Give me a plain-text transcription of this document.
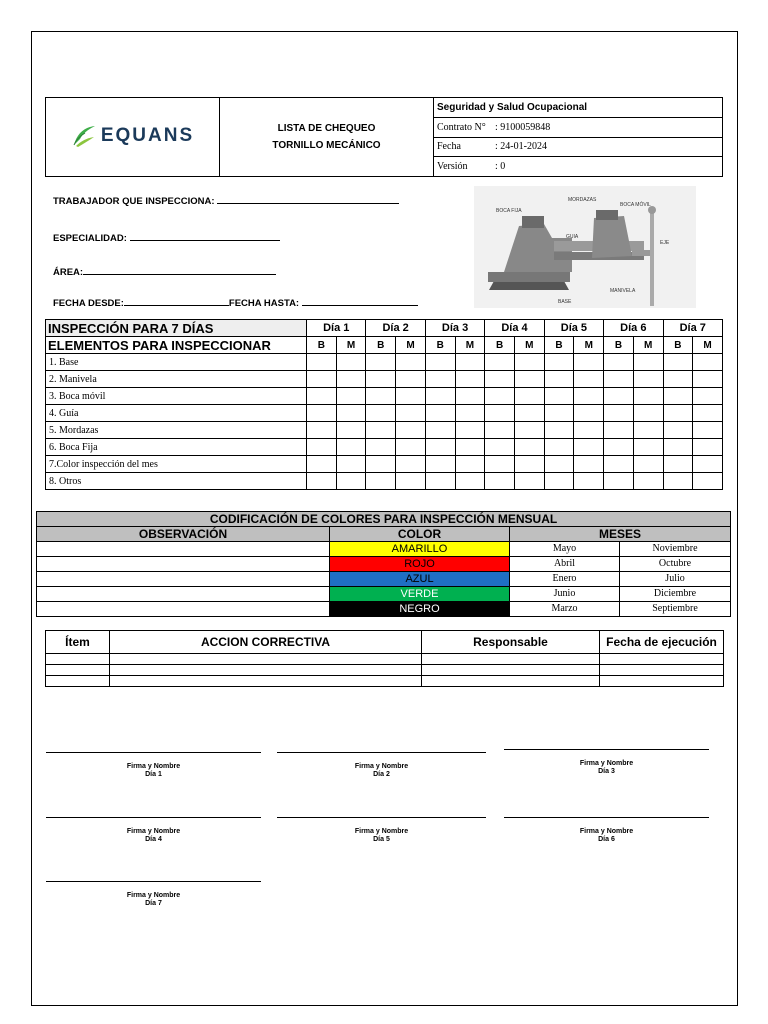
EQUANS	LISTA DE CHEQUEO
TORNILLO MECÁNICO
	Seguridad y Salud Ocupacional
Contrato N° : 9100059848
Fecha	: 24-01-2024
Versión	: 0
TRABAJADOR QUE INSPECCIONA:
ESPECIALIDAD:
ÁREA:
FECHA DESDE:	FECHA HASTA:
BOCA FIJA
MORDAZAS
BOCA MÓVIL
GUIA
EJE
MANIVELA
BASE
INSPECCIÓN PARA 7 DÍAS	Día 1		Día 2		Día 3		Día 4		Día 5		Día 6		Día 7	
ELEMENTOS PARA INSPECCIONAR	B	M	B	M	B	M	B	M	B	M	B	M	B	M
1. Base														
2. Manivela														
3. Boca móvil														
4. Guía														
5. Mordazas														
6. Boca Fija														
7.Color inspección del mes														
8. Otros														
CODIFICACIÓN DE COLORES PARA INSPECCIÓN MENSUAL			
OBSERVACIÓN	COLOR	MESES	
	AMARILLO	Mayo	Noviembre
	ROJO	Abril	Octubre
	AZUL	Enero	Julio
	VERDE	Junio	Diciembre
	NEGRO	Marzo	Septiembre
Ítem	ACCION CORRECTIVA	Responsable	Fecha de ejecución

Firma y Nombre
Día 1
Firma y Nombre
Día 2
Firma y Nombre
Día 3
Firma y Nombre
Día 4
Firma y Nombre
Día 5
Firma y Nombre
Día 6
Firma y Nombre
Día 7
